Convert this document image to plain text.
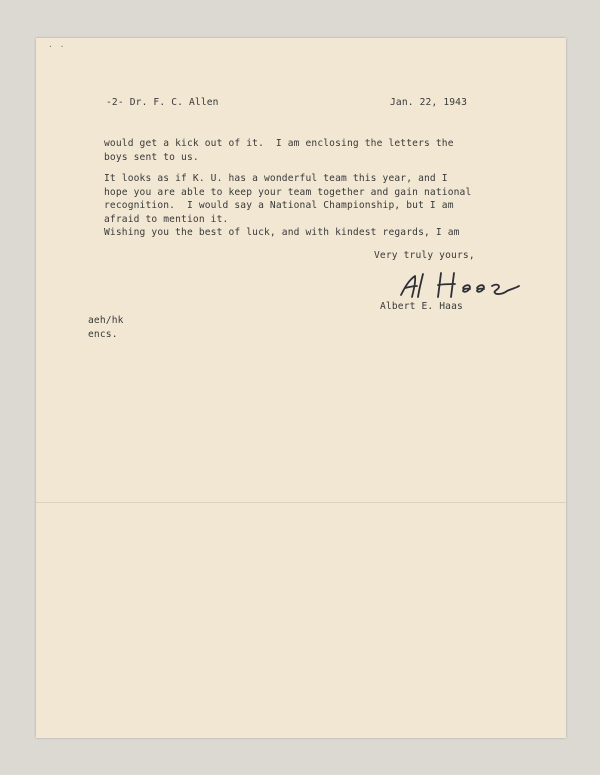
· ·
-2- Dr. F. C. Allen	Jan. 22, 1943
would get a kick out of it.  I am enclosing the letters the
boys sent to us.
It looks as if K. U. has a wonderful team this year, and I
hope you are able to keep your team together and gain national
recognition.  I would say a National Championship, but I am
afraid to mention it.
Wishing you the best of luck, and with kindest regards, I am
Very truly yours,
Albert E. Haas
aeh/hk
encs.
